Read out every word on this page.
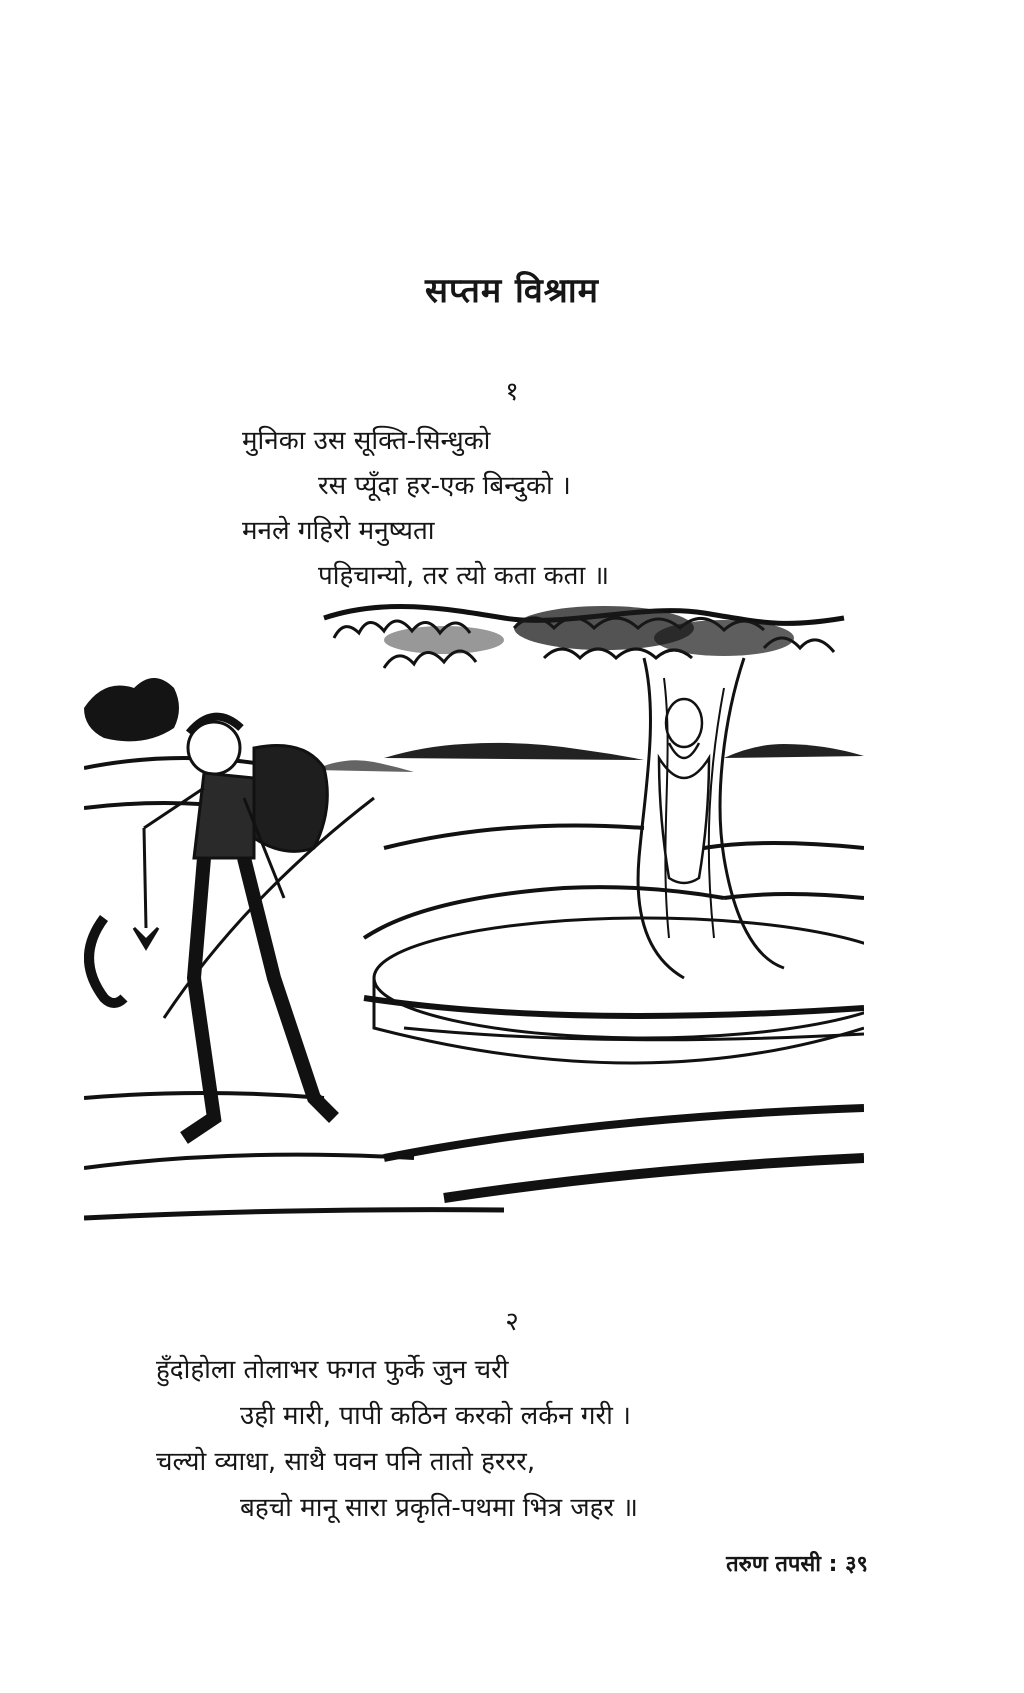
सप्तम विश्राम
१
मुनिका उस सूक्ति-सिन्धुको
रस प्यूँदा हर-एक बिन्दुको ।
मनले गहिरो मनुष्यता
पहिचान्यो, तर त्यो कता कता ॥
२
हुँदोहोला तोलाभर फगत फुर्के जुन चरी
उही मारी, पापी कठिन करको लर्कन गरी ।
चल्यो व्याधा, साथै पवन पनि तातो हररर,
बहचो मानू सारा प्रकृति-पथमा भित्र जहर ॥
तरुण तपसी : ३९
